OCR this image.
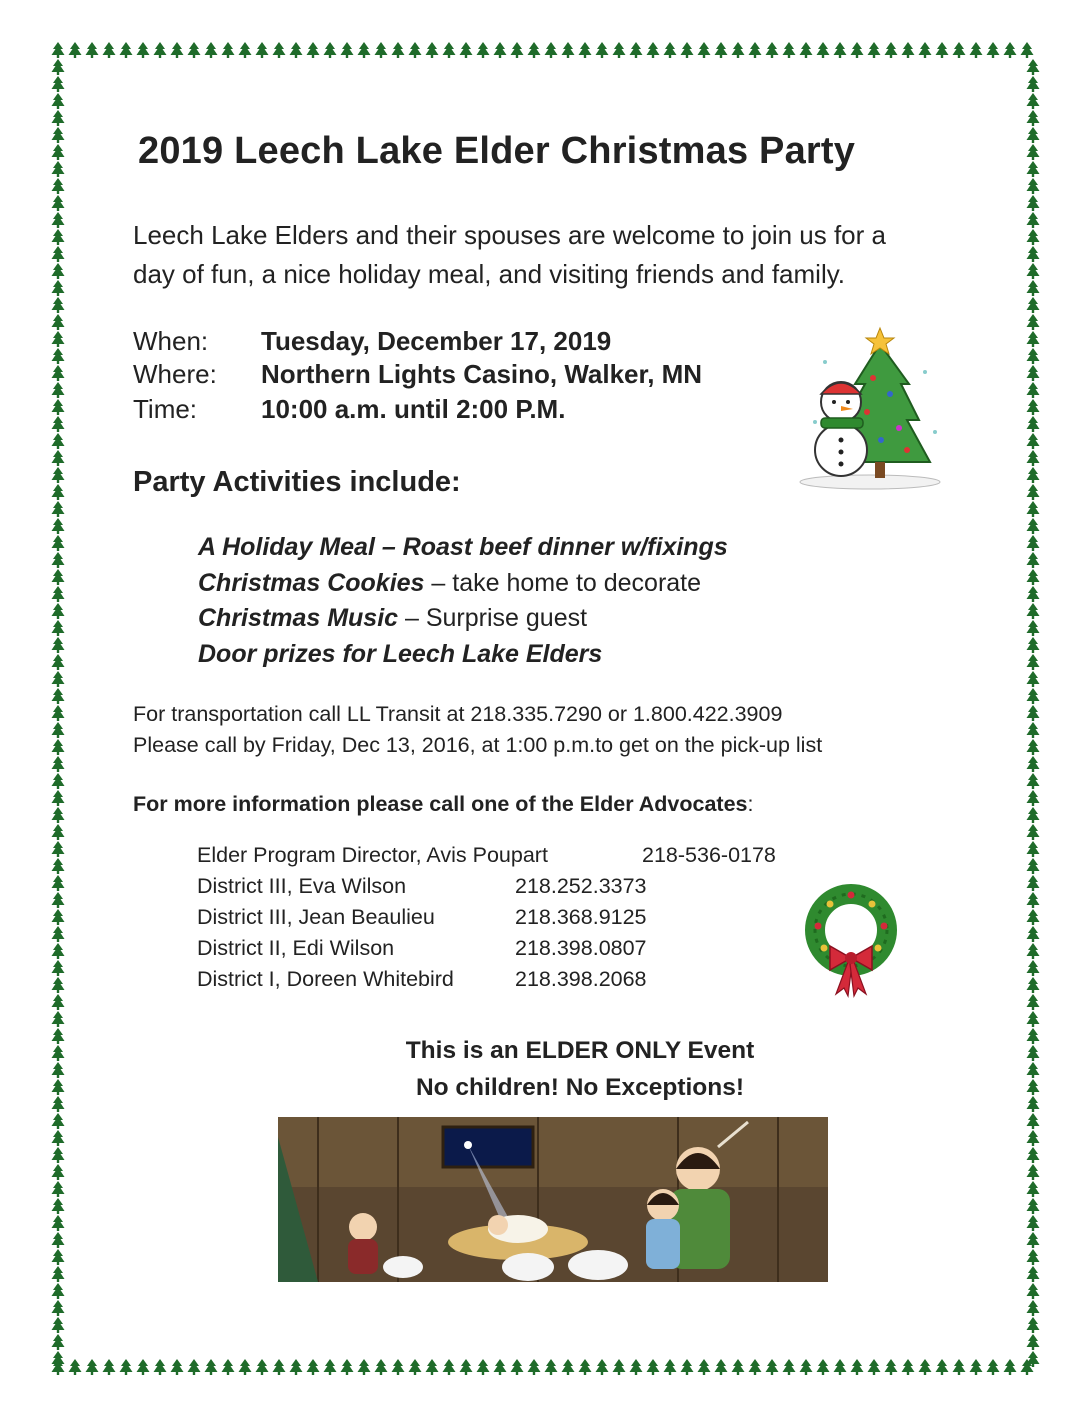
2019 Leech Lake Elder Christmas Party
Leech Lake Elders and their spouses are welcome to join us for a
day of fun, a nice holiday meal, and visiting friends and family.
When:	Tuesday, December 17, 2019
Where:	Northern Lights Casino, Walker, MN
Time:	10:00 a.m. until 2:00 P.M.
Party Activities include:
A Holiday Meal – Roast beef dinner w/fixings
Christmas Cookies – take home to decorate
Christmas Music – Surprise guest
Door prizes for Leech Lake Elders
For transportation call LL Transit at 218.335.7290 or 1.800.422.3909
Please call by Friday, Dec 13, 2016, at 1:00 p.m.to get on the pick-up list
For more information please call one of the Elder Advocates:
Elder Program Director, Avis Poupart	218-536-0178
District III, Eva Wilson	218.252.3373
District III, Jean Beaulieu	218.368.9125
District II, Edi Wilson	218.398.0807
District I, Doreen Whitebird	218.398.2068
This is an ELDER ONLY Event
No children! No Exceptions!
